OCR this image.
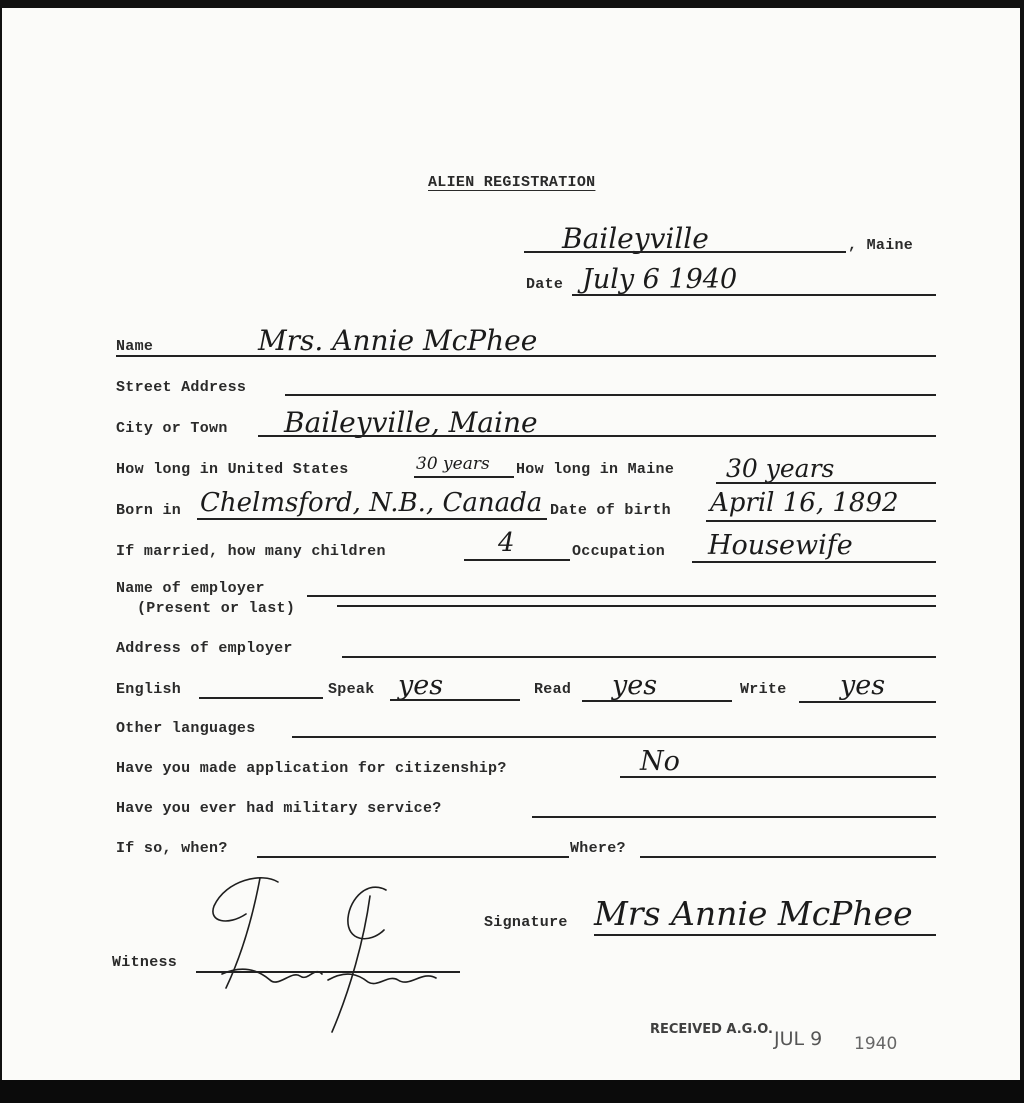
ALIEN REGISTRATION
Baileyville	, Maine
Date July 6 1940
Name	Mrs. Annie McPhee
Street Address
City or Town Baileyville, Maine
How long in United States	30 years How long in Maine 30 years
Born in Chelmsford, N.B., Canada Date of birth April 16, 1892
If married, how many children	4	Occupation Housewife
Name of employer
(Present or last)
Address of employer
English	Speak yes	Read yes	Write yes
Other languages
Have you made application for citizenship?	No
Have you ever had military service?
If so, when?	Where?
Signature Mrs Annie McPhee
Witness
RECEIVED A.G.O. JUL 9 1940
